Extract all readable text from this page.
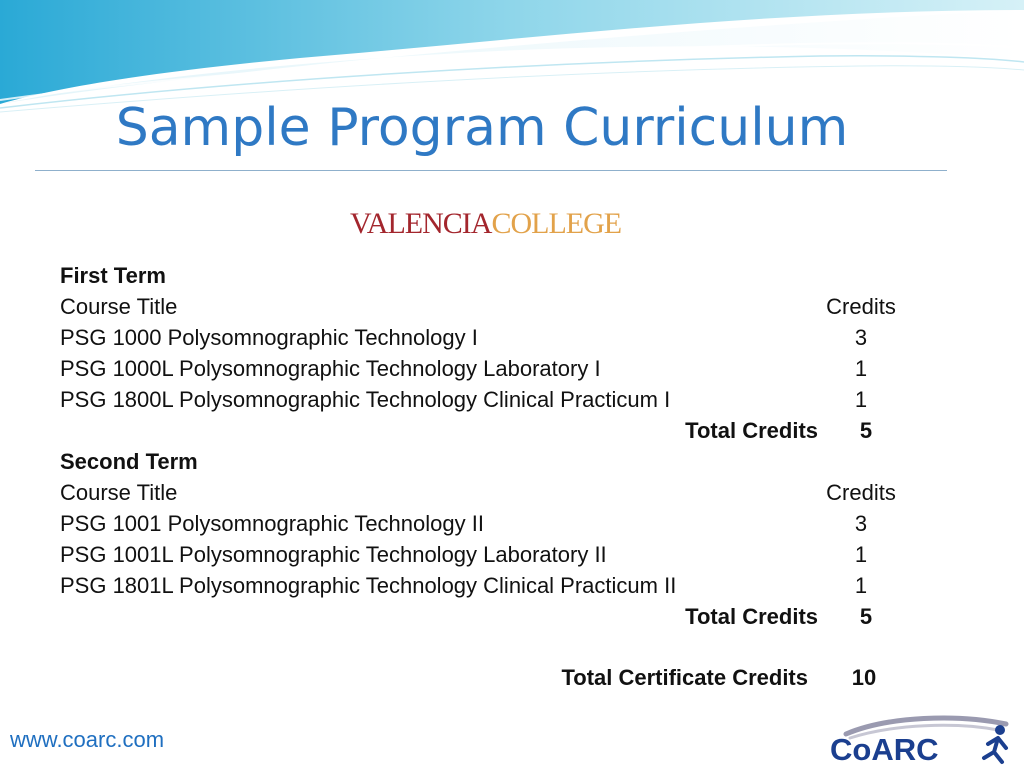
Sample Program Curriculum
VALENCIACOLLEGE
First Term
Course Title	Credits
PSG 1000 Polysomnographic Technology I	3
PSG 1000L Polysomnographic Technology Laboratory I	1
PSG 1800L Polysomnographic Technology Clinical Practicum I	1
Total Credits	5
Second Term
Course Title	Credits
PSG 1001 Polysomnographic Technology II	3
PSG 1001L Polysomnographic Technology Laboratory II	1
PSG 1801L Polysomnographic Technology Clinical Practicum II	1
Total Credits	5
Total Certificate Credits	10
www.coarc.com	CoARC
